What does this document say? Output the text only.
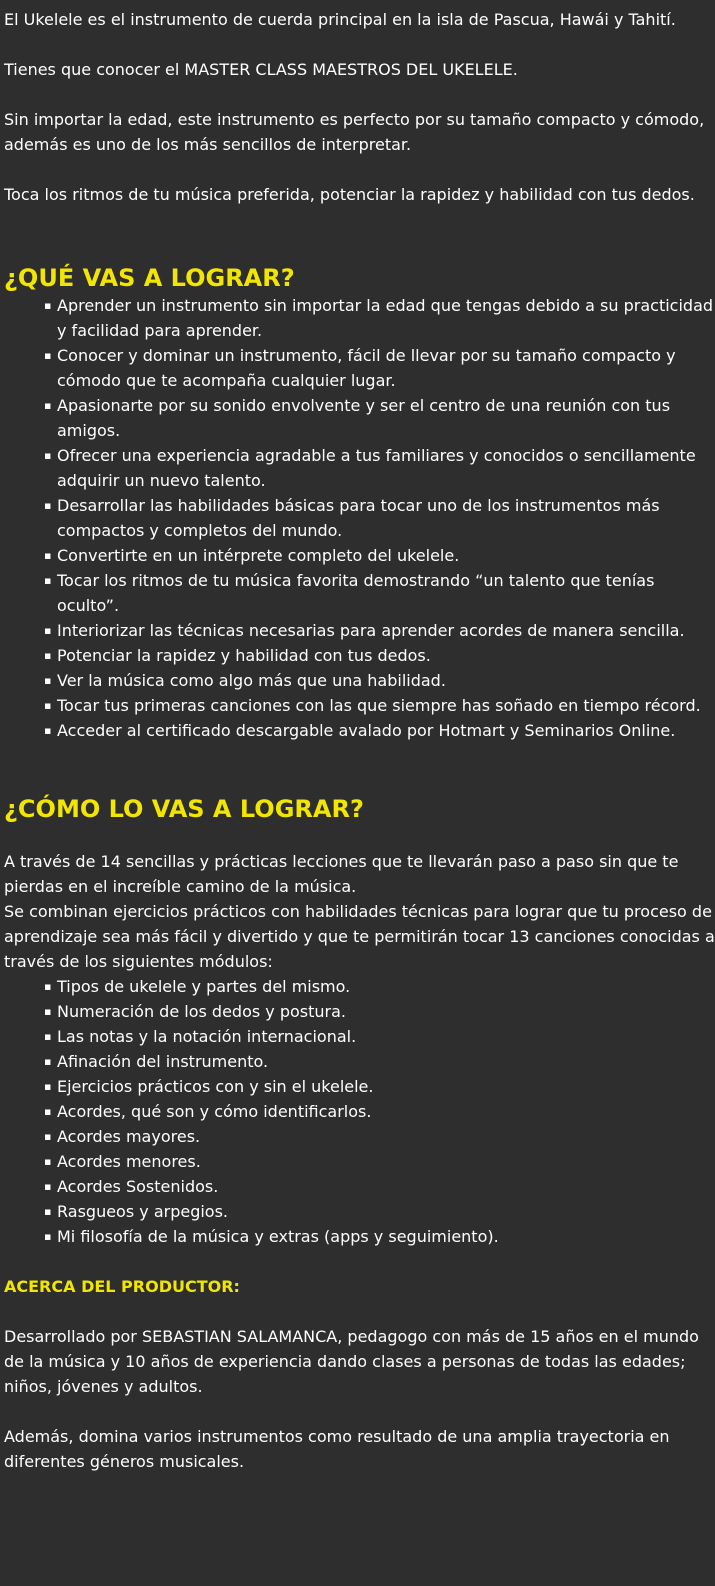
El Ukelele es el instrumento de cuerda principal en la isla de Pascua, Hawái y Tahití.

Tienes que conocer el MASTER CLASS MAESTROS DEL UKELELE.

Sin importar la edad, este instrumento es perfecto por su tamaño compacto y cómodo, además es uno de los más sencillos de interpretar.

Toca los ritmos de tu música preferida, potenciar la rapidez y habilidad con tus dedos.

¿QUÉ VAS A LOGRAR?
▪ Aprender un instrumento sin importar la edad que tengas debido a su practicidad y facilidad para aprender.
▪ Conocer y dominar un instrumento, fácil de llevar por su tamaño compacto y cómodo que te acompaña cualquier lugar.
▪ Apasionarte por su sonido envolvente y ser el centro de una reunión con tus amigos.
▪ Ofrecer una experiencia agradable a tus familiares y conocidos o sencillamente adquirir un nuevo talento.
▪ Desarrollar las habilidades básicas para tocar uno de los instrumentos más compactos y completos del mundo.
▪ Convertirte en un intérprete completo del ukelele.
▪ Tocar los ritmos de tu música favorita demostrando “un talento que tenías oculto”.
▪ Interiorizar las técnicas necesarias para aprender acordes de manera sencilla.
▪ Potenciar la rapidez y habilidad con tus dedos.
▪ Ver la música como algo más que una habilidad.
▪ Tocar tus primeras canciones con las que siempre has soñado en tiempo récord.
▪ Acceder al certificado descargable avalado por Hotmart y Seminarios Online.
¿CÓMO LO VAS A LOGRAR?

A través de 14 sencillas y prácticas lecciones que te llevarán paso a paso sin que te pierdas en el increíble camino de la música.

Se combinan ejercicios prácticos con habilidades técnicas para lograr que tu proceso de aprendizaje sea más fácil y divertido y que te permitirán tocar 13 canciones conocidas a través de los siguientes módulos:

▪ Tipos de ukelele y partes del mismo.
▪ Numeración de los dedos y postura.
▪ Las notas y la notación internacional.
▪ Afinación del instrumento.
▪ Ejercicios prácticos con y sin el ukelele.
▪ Acordes, qué son y cómo identificarlos.
▪ Acordes mayores.
▪ Acordes menores.
▪ Acordes Sostenidos.
▪ Rasgueos y arpegios.
▪ Mi filosofía de la música y extras (apps y seguimiento).
ACERCA DEL PRODUCTOR:

Desarrollado por SEBASTIAN SALAMANCA, pedagogo con más de 15 años en el mundo de la música y 10 años de experiencia dando clases a personas de todas las edades; niños, jóvenes y adultos.

Además, domina varios instrumentos como resultado de una amplia trayectoria en diferentes géneros musicales.
